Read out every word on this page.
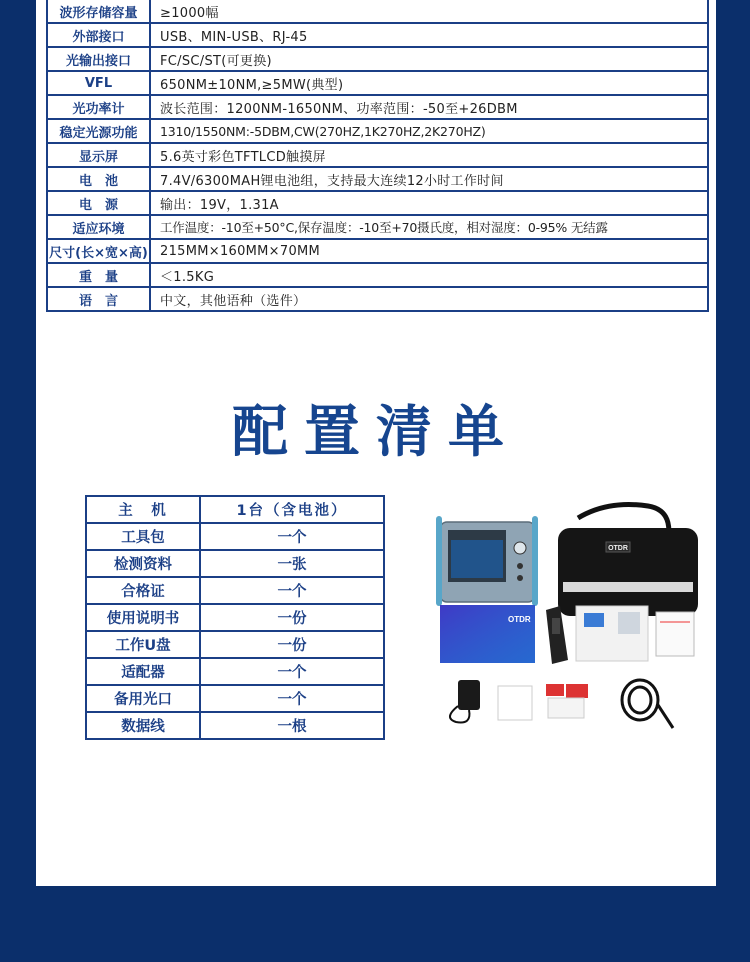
波形存储容量	≥1000幅
外部接口	USB、MIN-USB、RJ-45
光输出接口	FC/SC/ST(可更换)
VFL	650NM±10NM,≥5MW(典型)
光功率计	波长范围：1200NM-1650NM、功率范围：-50至+26DBM
稳定光源功能	1310/1550NM:-5DBM,CW(270HZ,1K270HZ,2K270HZ)
显示屏	5.6英寸彩色TFTLCD触摸屏
电　池	7.4V/6300MAH锂电池组，支持最大连续12小时工作时间
电　源	输出：19V，1.31A
适应环境	工作温度：-10至+50°C,保存温度：-10至+70摄氏度，相对湿度：0-95% 无结露
尺寸(长×宽×高)	215MM×160MM×70MM
重　量	＜1.5KG
语　言	中文，其他语种（选件）
配置清单
主　机	1台（含电池）
工具包	一个
检测资料	一张
合格证	一个
使用说明书	一份
工作U盘	一份
适配器	一个
备用光口	一个
数据线	一根
OTDR
OTDR
